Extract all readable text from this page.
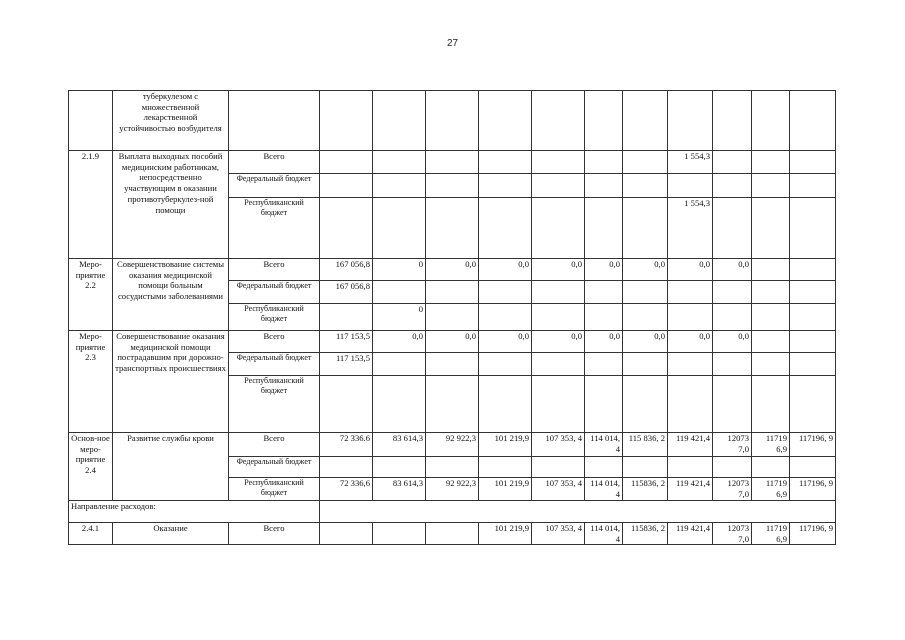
27
	туберкулезом с множественной лекарственной устойчивостью возбудителя												
2.1.9	Выплата выходных пособий медицинским работникам, непосредственно участвующим в оказании противотуберкулез-ной помощи	Всего								1 554,3			
		Федеральный бюджет											
		Республиканский бюджет								1 554,3			
Меро-приятие 2.2	Совершенствование системы оказания медицинской помощи больным сосудистыми заболеваниями	Всего	167 056,8	0	0,0	0,0	0,0	0,0	0,0	0,0	0,0		
		Федеральный бюджет	167 056,8										
		Республиканский бюджет		0									
Меро-приятие 2.3	Совершенствование оказания медицинской помощи пострадавшим при дорожно-транспортных происшествиях	Всего	117 153,5	0,0	0,0	0,0	0,0	0,0	0,0	0,0	0,0		
		Федеральный бюджет	117 153,5										
		Республиканский бюджет											
Основ-ное меро-приятие 2.4	Развитие службы крови	Всего	72 336.6	83 614,3	92 922,3	101 219,9	107 353, 4	114 014, 4	115 836, 2	119 421,4	12073 7,0	11719 6,9	117196, 9
		Федеральный бюджет											
		Республиканский бюджет	72 336,6	83 614,3	92 922,3	101 219,9	107 353, 4	114 014, 4	115836, 2	119 421,4	12073 7,0	11719 6,9	117196, 9
Направление расходов:													
2.4.1	Оказание	Всего				101 219,9	107 353, 4	114 014, 4	115836, 2	119 421,4	12073 7,0	11719 6,9	117196, 9
